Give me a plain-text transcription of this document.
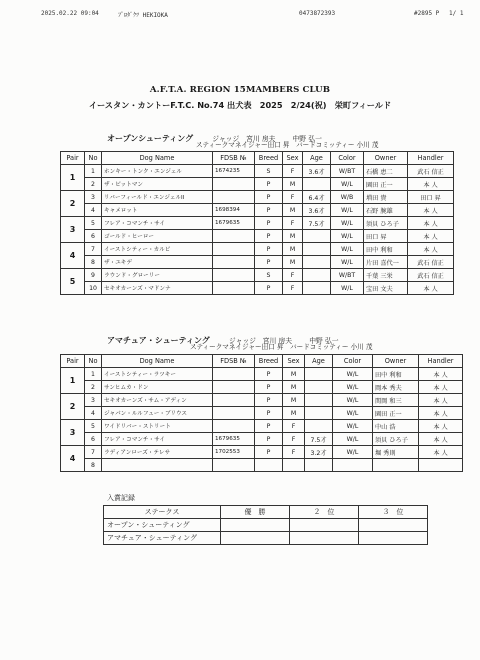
2025.02.22 09:04	ﾌﾟﾛﾀﾞｸﾂ HEKIOKA	0473872393	#2895 P 1/ 1
A.F.T.A. REGION 15MAMBERS CLUB
イースタン・カントーF.T.C. No.74 出犬表　2025　2/24(祝)　栄町フィールド
オープンシューティング	ジャッジ　宮川 房夫	中野 弘一
スティークマネイジャー田口 昇　バードコミッティー 小川 茂
Pair	No	Dog Name	FDSB №	Breed	Sex	Age	Color	Owner	Handler
1	1	ホンキー・トンク・エンジェル	1674235	S	F	3.6才	W/BT	石橋 恵二	武石 信正
	2	ザ・ピットマン		P	M		W/L	園田 正一	本 人
2	3	リバーフィールド・エンジェルII		P	F	6.4才	W/B	増田 貴	田口 昇
	4	キャメロット	1698394	P	M	3.6才	W/L	石野 腕雄	本 人
3	5	フレア・コマンチ・サイ	1679635	P	F	7.5才	W/L	須貝 ひろ子	本 人
	6	ゴールド・ヒーロー		P	M		W/L	田口 昇	本 人
4	7	イーストシティー・カルビ		P	M		W/L	田中 利和	本 人
	8	ザ・ユキデ		P	M		W/L	片田 喜代一	武石 信正
5	9	ラウンド・グローリー		S	F		W/BT	千葉 三栄	武石 信正
	10	セキオカーンズ・マドンナ		P	F		W/L	宝田 文夫	本 人
アマチュア・シューティング	ジャッジ　宮川 房夫	中野 弘一
スティークマネイジャー田口 昇　バードコミッティー 小川 茂
Pair	No	Dog Name	FDSB №	Breed	Sex	Age	Color	Owner	Handler
1	1	イーストシティー・ラツキー		P	M		W/L	田中 利和	本 人
	2	サンヒムカ・ドン		P	M		W/L	岡本 秀夫	本 人
2	3	セキオカーンズ・サム・アディン		P	M		W/L	関岡 和三	本 人
	4	ジャパン・ルルフュー・ブリウス		P	M		W/L	園田 正一	本 人
3	5	ワイドリバー・ストリート		P	F		W/L	中山 浩	本 人
	6	フレア・コマンチ・サイ	1679635	P	F	7.5才	W/L	須貝 ひろ子	本 人
4	7	ラディアンローズ・テレサ	1702553	P	F	3.2才	W/L	堀 秀則	本 人
	8								
入賞記録
ステークス	優　勝	２　位	３　位
オープン・シューティング			
アマチュア・シューティング			
